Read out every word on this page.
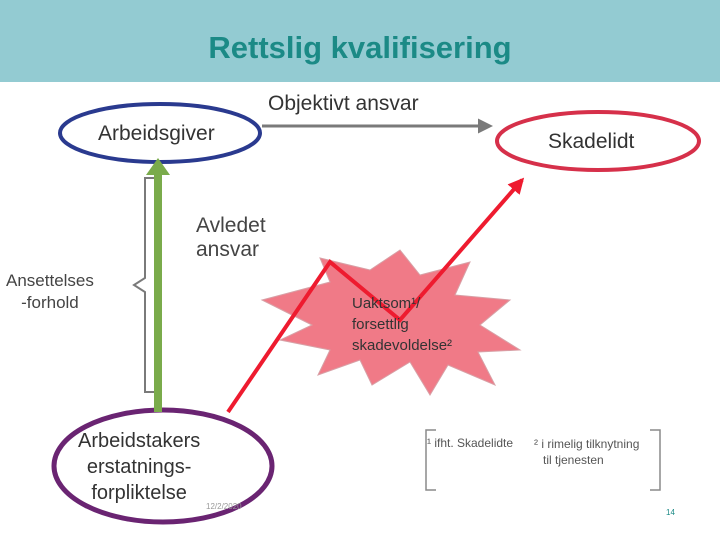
Rettslig kvalifisering
Objektivt ansvar
Arbeidsgiver	Skadelidt
Avledet
ansvar
Ansettelses
-forhold	Uaktsom¹/
forsettlig
skadevoldelse²
Arbeidstakers
erstatnings-
forpliktelse
12/2/2020
¹ ifht. Skadelidte ² i rimelig tilknytning
til tjenesten
14
